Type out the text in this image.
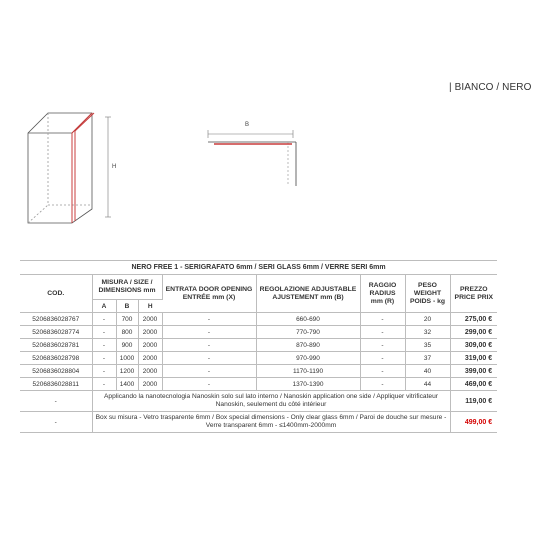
| BIANCO / NERO
H
B
NERO FREE 1 - SERIGRAFATO 6mm / SERI GLASS 6mm / VERRE SERI 6mm								
COD.	MISURA / SIZE / DIMENSIONS mm			ENTRATA DOOR OPENING ENTRÉE mm (X)	REGOLAZIONE ADJUSTABLE AJUSTEMENT mm (B)	RAGGIO RADIUS mm (R)	PESO WEIGHT POIDS - kg	PREZZO PRICE PRIX
	A	B	H					
5206836028767	-	700	2000	-	660-690	-	20	275,00 €
5206836028774	-	800	2000	-	770-790	-	32	299,00 €
5206836028781	-	900	2000	-	870-890	-	35	309,00 €
5206836028798	-	1000	2000	-	970-990	-	37	319,00 €
5206836028804	-	1200	2000	-	1170-1190	-	40	399,00 €
5206836028811	-	1400	2000	-	1370-1390	-	44	469,00 €
-	Applicando la nanotecnologia Nanoskin solo sul lato interno / Nanoskin application one side / Appliquer vitrificateur Nanoskin, seulement du côté intérieur							119,00 €
-	Box su misura - Vetro trasparente 6mm / Box special dimensions - Only clear glass 6mm / Paroi de douche sur mesure - Verre transparent 6mm - ≤1400mm-2000mm							499,00 €
